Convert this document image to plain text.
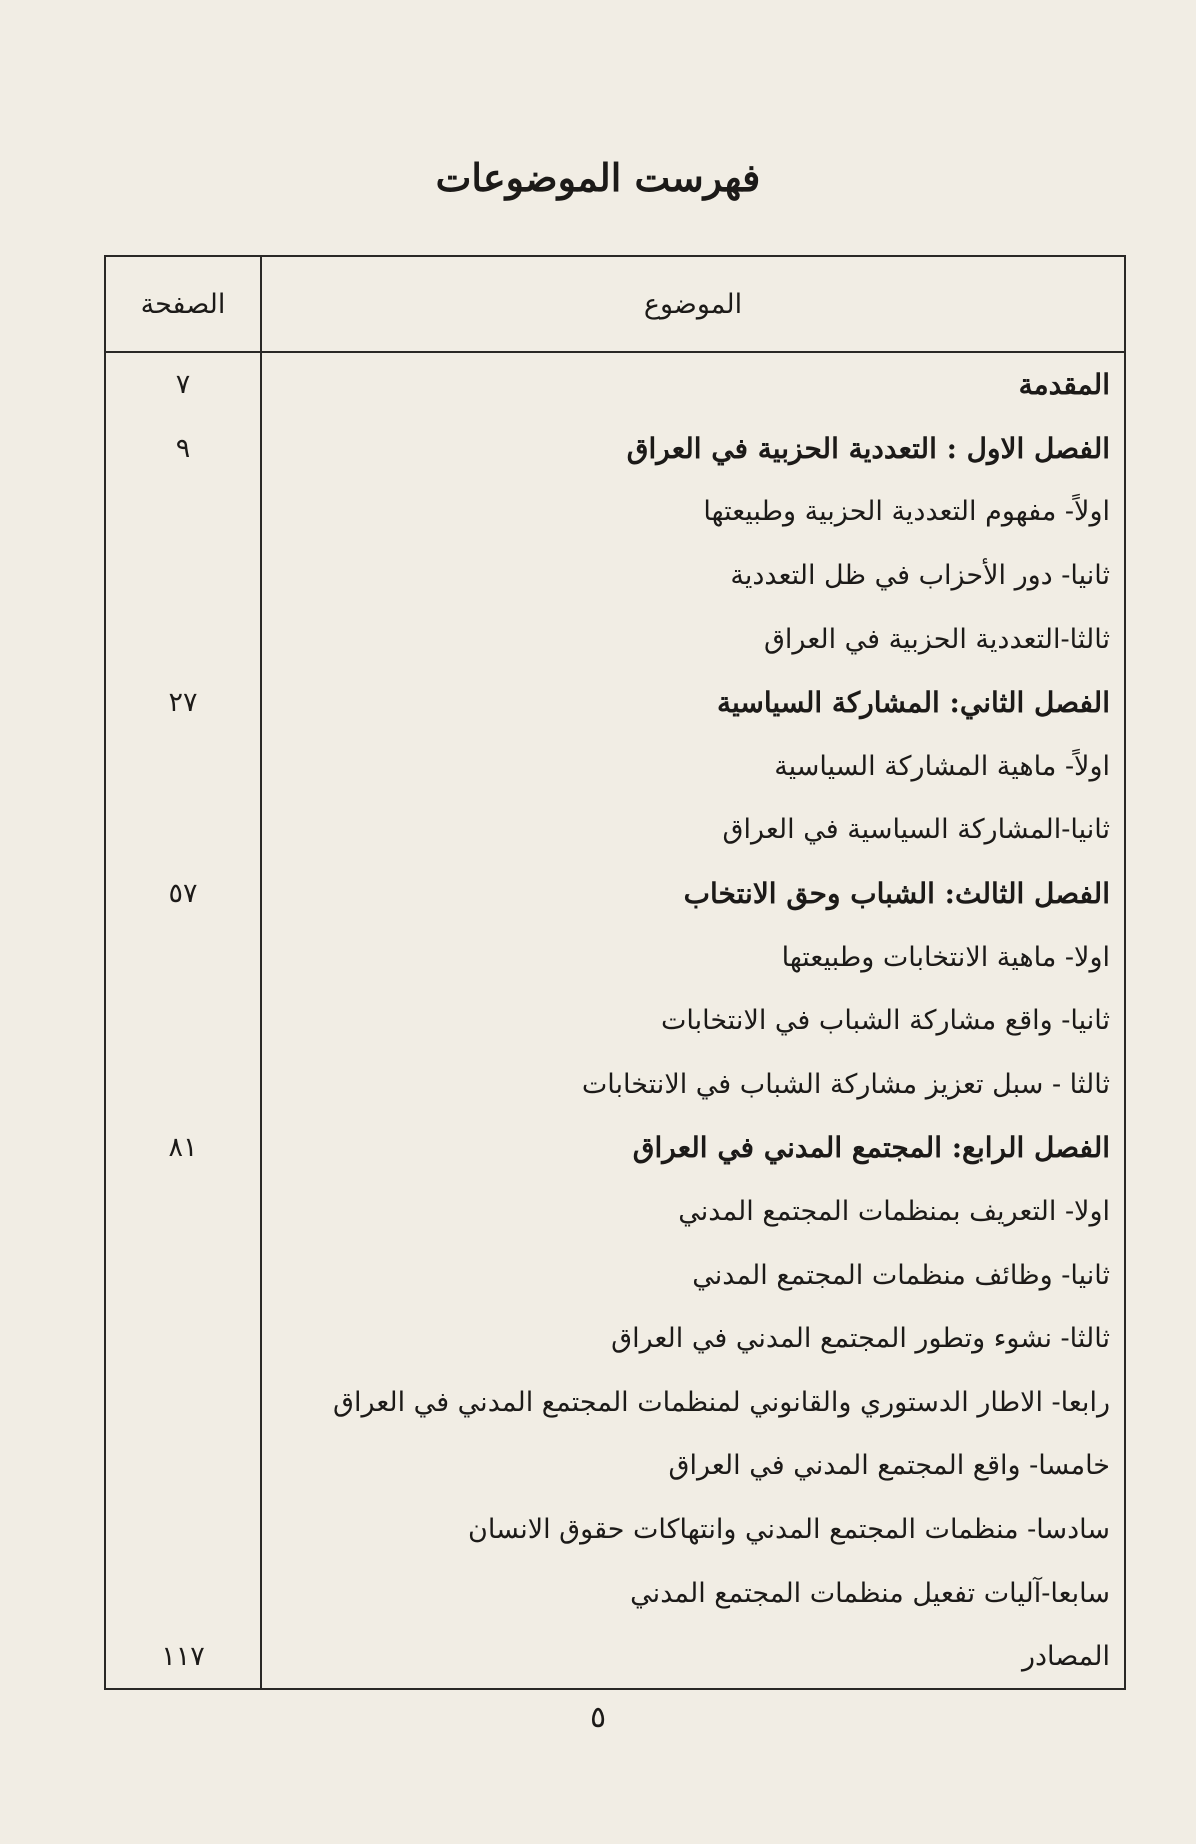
فهرست الموضوعات
الموضوع	الصفحة
المقدمة	٧
الفصل الاول : التعددية الحزبية في العراق	٩
اولاً- مفهوم التعددية الحزبية وطبيعتها	
ثانيا- دور الأحزاب في ظل التعددية	
ثالثا-التعددية الحزبية في العراق	
الفصل الثاني: المشاركة السياسية	٢٧
اولاً- ماهية المشاركة السياسية	
ثانيا-المشاركة السياسية في العراق	
الفصل الثالث: الشباب وحق الانتخاب	٥٧
اولا- ماهية الانتخابات وطبيعتها	
ثانيا- واقع مشاركة الشباب في الانتخابات	
ثالثا - سبل تعزيز مشاركة الشباب في الانتخابات	
الفصل الرابع: المجتمع المدني في العراق	٨١
اولا- التعريف بمنظمات المجتمع المدني	
ثانيا- وظائف منظمات المجتمع المدني	
ثالثا- نشوء وتطور المجتمع المدني في العراق	
رابعا- الاطار الدستوري والقانوني لمنظمات المجتمع المدني في العراق	
خامسا- واقع المجتمع المدني في العراق	
سادسا- منظمات المجتمع المدني وانتهاكات حقوق الانسان	
سابعا-آليات تفعيل منظمات المجتمع المدني	
المصادر	١١٧
٥
